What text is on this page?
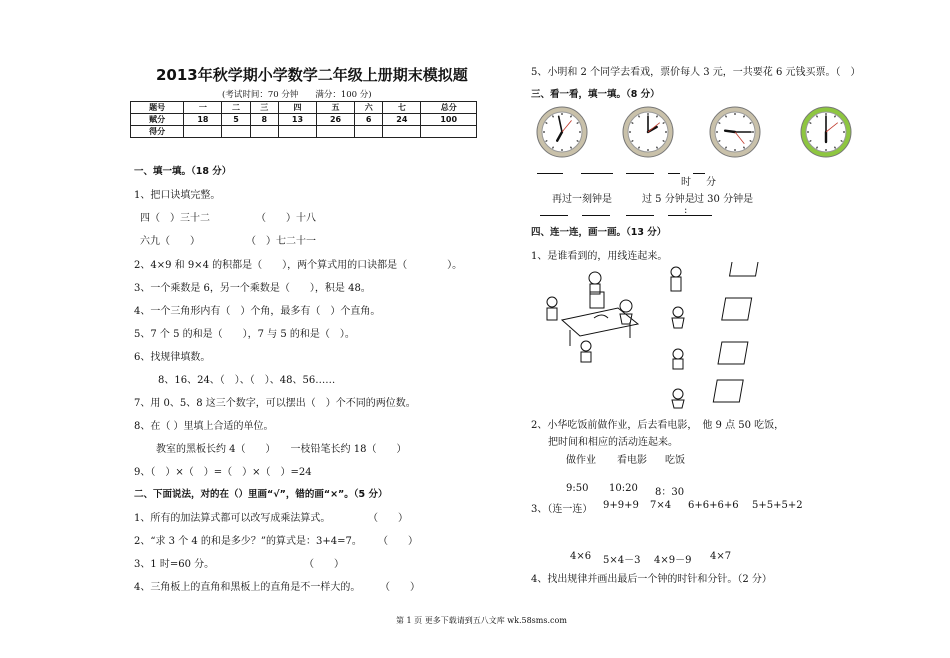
2013年秋学期小学数学二年级上册期末模拟题
(考试时间：70 分钟　　满分：100 分)
题号	一	二	三	四	五	六	七	总分
赋分	18	5	8	13	26	6	24	100
得分								
一、填一填。（18 分）
1、把口诀填完整。
四（　）三十二	（　　）十八
六九（　　）	（　）七二十一
2、4×9 和 9×4 的积都是（　　），两个算式用的口诀都是（　　　　）。
3、一个乘数是 6，另一个乘数是（　　），积是 48。
4、一个三角形内有（　）个角，最多有（　）个直角。
5、7 个 5 的和是（　　），7 与 5 的和是（　）。
6、找规律填数。
8、16、24、（　）、（　）、48、56……
7、用 0、5、8 这三个数字，可以摆出（　）个不同的两位数。
8、在（ ）里填上合适的单位。
教室的黑板长约 4（　　）　　一枝铅笔长约 18（　　）
9、（　）×（　）=（　）×（　）=24
二、下面说法，对的在（）里画“√”，错的画“×”。（5 分）
1、所有的加法算式都可以改写成乘法算式。	（　　）
2、“求 3 个 4 的和是多少？”的算式是：3+4=7。 （　　）
3、1 时=60 分。	（　　）
4、三角板上的直角和黑板上的直角是不一样大的。 （　　）
5、小明和 2 个同学去看戏，票价每人 3 元，一共要花 6 元钱买票。（　）
三、看一看，填一填。（8 分）
时 分
再过一刻钟是	过 5 分钟是 过 30 分钟是
:
四、连一连，画一画。（13 分）
1、是谁看到的，用线连起来。
2、小华吃饭前做作业，后去看电影，　他 9 点 50 吃饭，
把时间和相应的活动连起来。
做作业 看电影 吃饭
9:50 10:20 8：30
3、（连一连） 9+9+9 7×4 6+6+6+6 5+5+5+2
4×6 5×4－3 4×9－9 4×7
4、找出规律并画出最后一个钟的时针和分针。（2 分）
第 1 页 更多下载请到五八文库 wk.58sms.com
